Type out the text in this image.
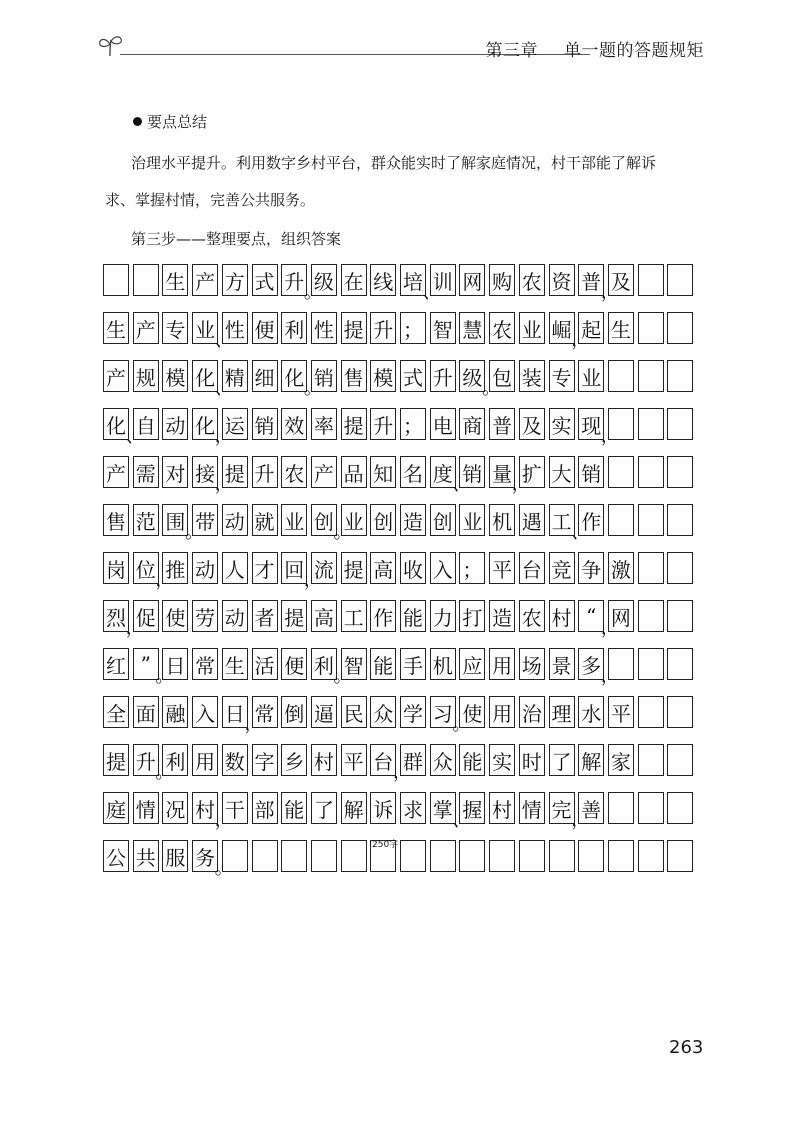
第三章 单一题的答题规矩
要点总结
治理水平提升。利用数字乡村平台，群众能实时了解家庭情况，村干部能了解诉
求、掌握村情，完善公共服务。
第三步——整理要点，组织答案
生 产 方 式 升 级 在 线 培 训 网 购 农 资 普 及
。	、	，
生 产 专 业 性 便 利 性 提 升 ； 智 慧 农 业 崛 起 生
、	，
产 规 模 化 精 细 化 销 售 模 式 升 级 包 装 专 业
、	。	。
化 自 动 化 运 销 效 率 提 升 ； 电 商 普 及 实 现
、	，	，
产 需 对 接 提 升 农 产 品 知 名 度 销 量 扩 大 销
，	、 ，
售 范 围 带 动 就 业 创 业 创 造 创 业 机 遇 工 作
。	。	、
岗 位 推 动 人 才 回 流 提 高 收 入 ； 平 台 竞 争 激
，	，
烈 促 使 劳 动 者 提 高 工 作 能 力 打 造 农 村 “ 网
，	，
红 ” 日 常 生 活 便 利 智 能 手 机 应 用 场 景 多
。	。	，
全 面 融 入 日 常 倒 逼 民 众 学 习 使 用 治 理 水 平
，	。
提 升 利 用 数 字 乡 村 平 台 群 众 能 实 时 了 解 家
。	，
庭 情 况 村 干 部 能 了 解 诉 求 掌 握 村 情 完 善
，	、	，
公 共 服 务 。
250字
263
